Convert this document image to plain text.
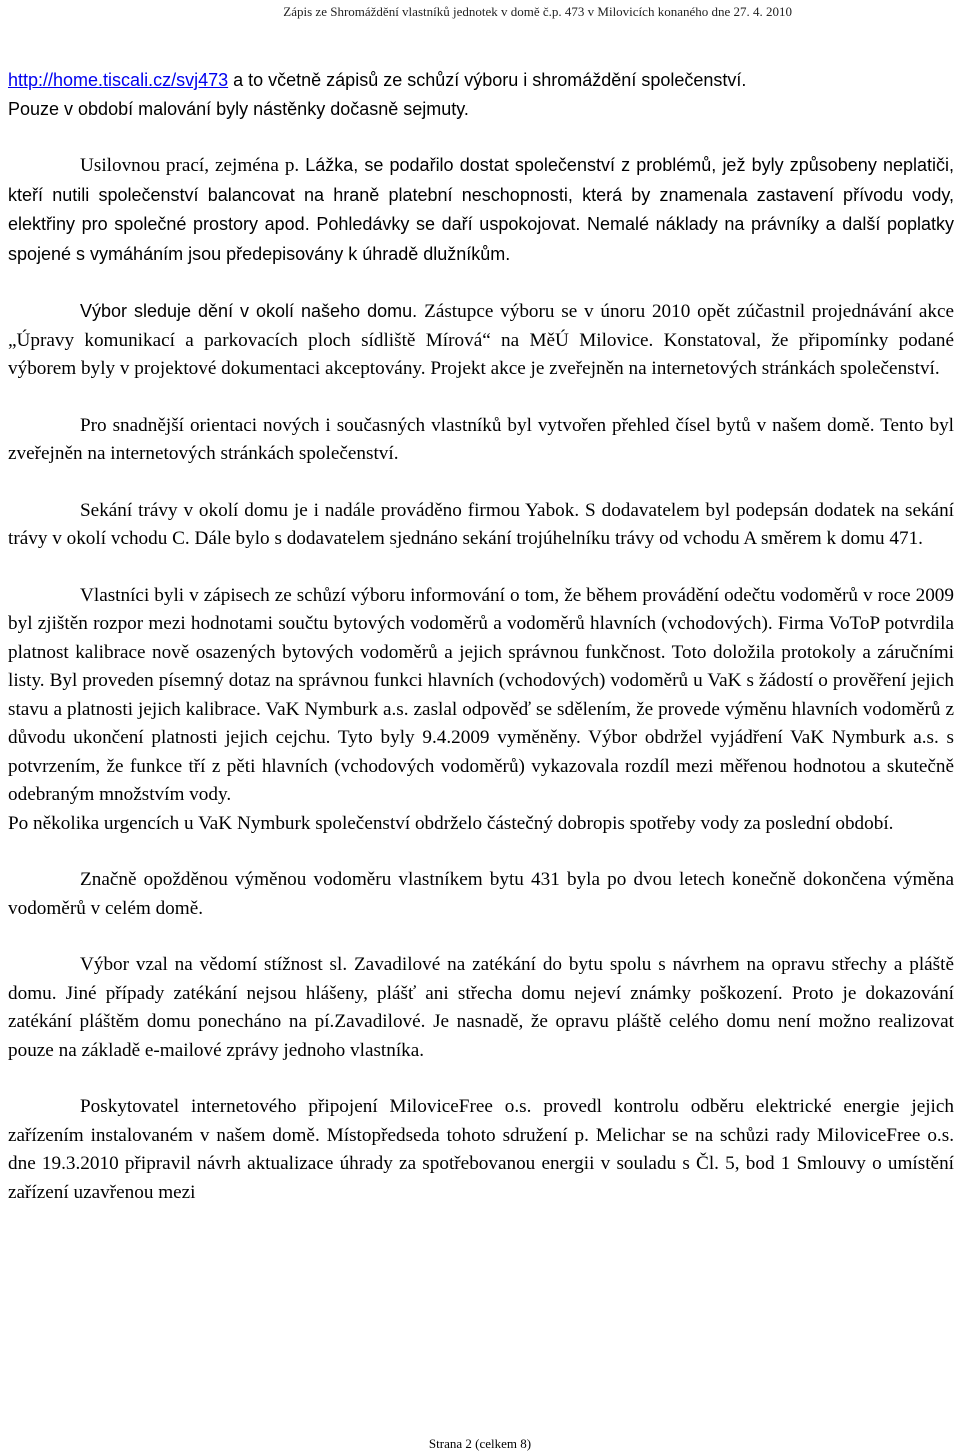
Zápis ze Shromáždění vlastníků jednotek v domě č.p. 473 v Milovicích konaného dne 27. 4. 2010

http://home.tiscali.cz/svj473 a to včetně zápisů ze schůzí výboru i shromáždění společenství.
Pouze v období malování byly nástěnky dočasně sejmuty.

Usilovnou prací, zejména p. Lážka, se podařilo dostat společenství z problémů, jež byly způsobeny neplatiči, kteří nutili společenství balancovat na hraně platební neschopnosti, která by znamenala zastavení přívodu vody, elektřiny pro společné prostory apod. Pohledávky se daří uspokojovat. Nemalé náklady na právníky a další poplatky spojené s vymáháním jsou předepisovány k úhradě dlužníkům.

Výbor sleduje dění v okolí našeho domu. Zástupce výboru se v únoru 2010 opět zúčastnil projednávání akce „Úpravy komunikací a parkovacích ploch sídliště Mírová“ na MěÚ Milovice. Konstatoval, že připomínky podané výborem byly v projektové dokumentaci akceptovány. Projekt akce je zveřejněn na internetových stránkách společenství.

Pro snadnější orientaci nových i současných vlastníků byl vytvořen přehled čísel bytů v našem domě. Tento byl zveřejněn na internetových stránkách společenství.

Sekání trávy v okolí domu je i nadále prováděno firmou Yabok. S dodavatelem byl podepsán dodatek na sekání trávy v okolí vchodu C. Dále bylo s dodavatelem sjednáno sekání trojúhelníku trávy od vchodu A směrem k domu 471.

Vlastníci byli v zápisech ze schůzí výboru informování o tom, že během provádění odečtu vodoměrů v roce 2009 byl zjištěn rozpor mezi hodnotami součtu bytových vodoměrů a vodoměrů hlavních (vchodových). Firma VoToP potvrdila platnost kalibrace nově osazených bytových vodoměrů a jejich správnou funkčnost. Toto doložila protokoly a záručními listy. Byl proveden písemný dotaz na správnou funkci hlavních (vchodových) vodoměrů u VaK s žádostí o prověření jejich stavu a platnosti jejich kalibrace. VaK Nymburk a.s. zaslal odpověď se sdělením, že provede výměnu hlavních vodoměrů z důvodu ukončení platnosti jejich cejchu. Tyto byly 9.4.2009 vyměněny. Výbor obdržel vyjádření VaK Nymburk a.s. s potvrzením, že funkce tří z pěti hlavních (vchodových vodoměrů) vykazovala rozdíl mezi měřenou hodnotou a skutečně odebraným množstvím vody.

Po několika urgencích u VaK Nymburk společenství obdrželo částečný dobropis spotřeby vody za poslední období.

Značně opožděnou výměnou vodoměru vlastníkem bytu 431 byla po dvou letech konečně dokončena výměna vodoměrů v celém domě.

Výbor vzal na vědomí stížnost sl. Zavadilové na zatékání do bytu spolu s návrhem na opravu střechy a pláště domu. Jiné případy zatékání nejsou hlášeny, plášť ani střecha domu nejeví známky poškození. Proto je dokazování zatékání pláštěm domu ponecháno na pí.Zavadilové. Je nasnadě, že opravu pláště celého domu není možno realizovat pouze na základě e-mailové zprávy jednoho vlastníka.

Poskytovatel internetového připojení MiloviceFree o.s. provedl kontrolu odběru elektrické energie jejich zařízením instalovaném v našem domě. Místopředseda tohoto sdružení p. Melichar se na schůzi rady MiloviceFree o.s. dne 19.3.2010 připravil návrh aktualizace úhrady za spotřebovanou energii v souladu s Čl. 5, bod 1 Smlouvy o umístění zařízení uzavřenou mezi

Strana 2 (celkem 8)
